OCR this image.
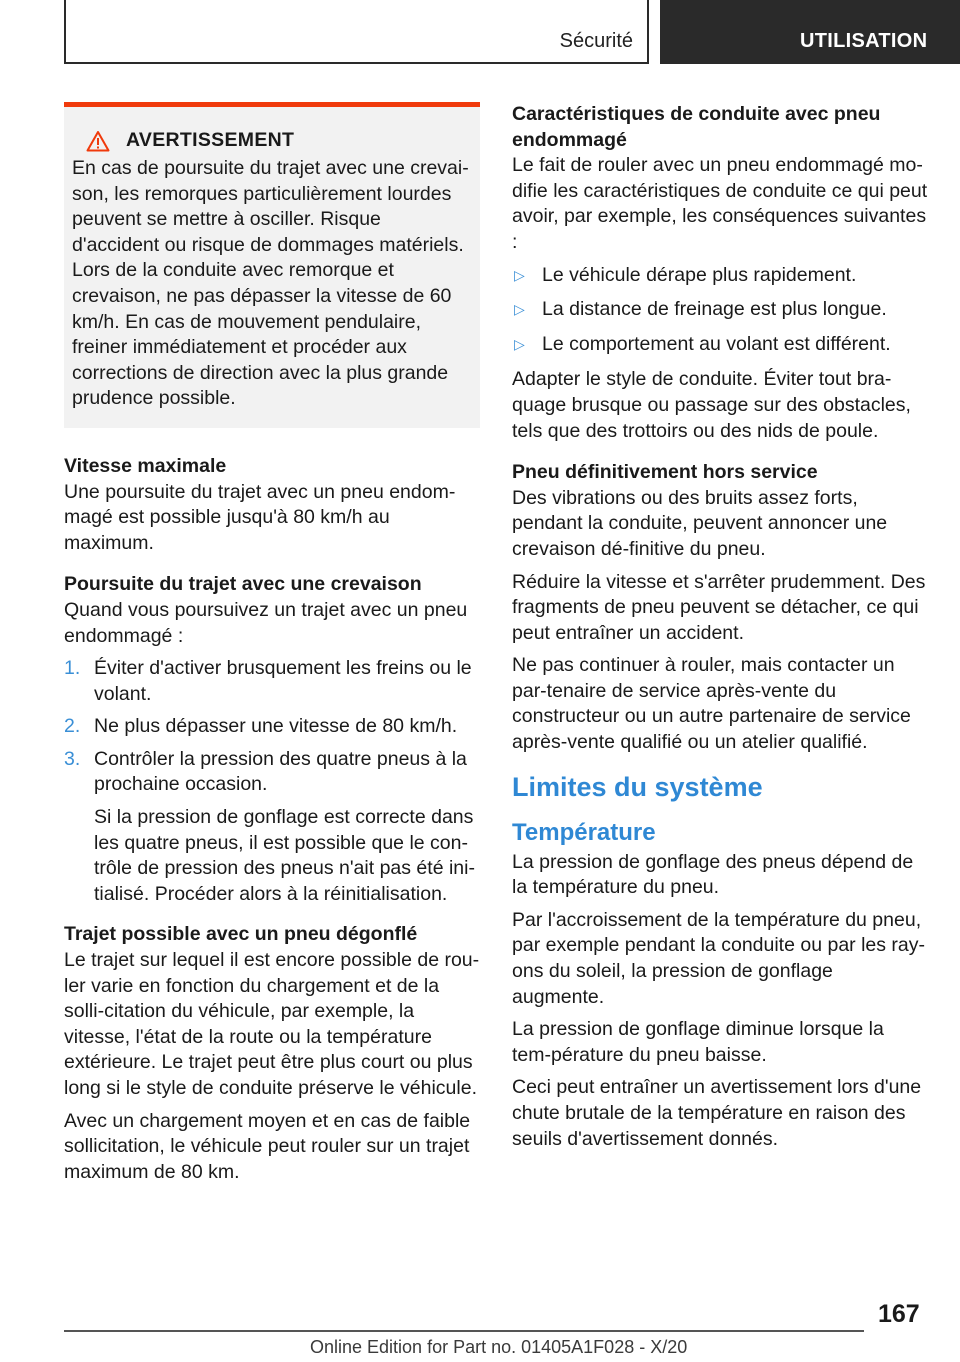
Sécurité	UTILISATION
AVERTISSEMENT

En cas de poursuite du trajet avec une crevai-son, les remorques particulièrement lourdes peuvent se mettre à osciller. Risque d'accident ou risque de dommages matériels. Lors de la conduite avec remorque et crevaison, ne pas dépasser la vitesse de 60 km/h. En cas de mouvement pendulaire, freiner immédiatement et procéder aux corrections de direction avec la plus grande prudence possible.

Vitesse maximale

Une poursuite du trajet avec un pneu endom-magé est possible jusqu'à 80 km/h au maximum.

Poursuite du trajet avec une crevaison

Quand vous poursuivez un trajet avec un pneu endommagé :

1. Éviter d'activer brusquement les freins ou le volant.
2. Ne plus dépasser une vitesse de 80 km/h.
3. Contrôler la pression des quatre pneus à la prochaine occasion.

Si la pression de gonflage est correcte dans les quatre pneus, il est possible que le con-trôle de pression des pneus n'ait pas été ini-tialisé. Procéder alors à la réinitialisation.

Trajet possible avec un pneu dégonflé

Le trajet sur lequel il est encore possible de rou-ler varie en fonction du chargement et de la solli-citation du véhicule, par exemple, la vitesse, l'état de la route ou la température extérieure. Le trajet peut être plus court ou plus long si le style de conduite préserve le véhicule.

Avec un chargement moyen et en cas de faible sollicitation, le véhicule peut rouler sur un trajet maximum de 80 km.

Caractéristiques de conduite avec pneu endommagé

Le fait de rouler avec un pneu endommagé mo-difie les caractéristiques de conduite ce qui peut avoir, par exemple, les conséquences suivantes :

▷ Le véhicule dérape plus rapidement.
▷ La distance de freinage est plus longue.
▷ Le comportement au volant est différent.

Adapter le style de conduite. Éviter tout bra-quage brusque ou passage sur des obstacles, tels que des trottoirs ou des nids de poule.

Pneu définitivement hors service

Des vibrations ou des bruits assez forts, pendant la conduite, peuvent annoncer une crevaison dé-finitive du pneu.

Réduire la vitesse et s'arrêter prudemment. Des fragments de pneu peuvent se détacher, ce qui peut entraîner un accident.

Ne pas continuer à rouler, mais contacter un par-tenaire de service après-vente du constructeur ou un autre partenaire de service après-vente qualifié ou un atelier qualifié.

Limites du système
Température

La pression de gonflage des pneus dépend de la température du pneu.

Par l'accroissement de la température du pneu, par exemple pendant la conduite ou par les ray-ons du soleil, la pression de gonflage augmente.

La pression de gonflage diminue lorsque la tem-pérature du pneu baisse.

Ceci peut entraîner un avertissement lors d'une chute brutale de la température en raison des seuils d'avertissement donnés.

167
Online Edition for Part no. 01405A1F028 - X/20
